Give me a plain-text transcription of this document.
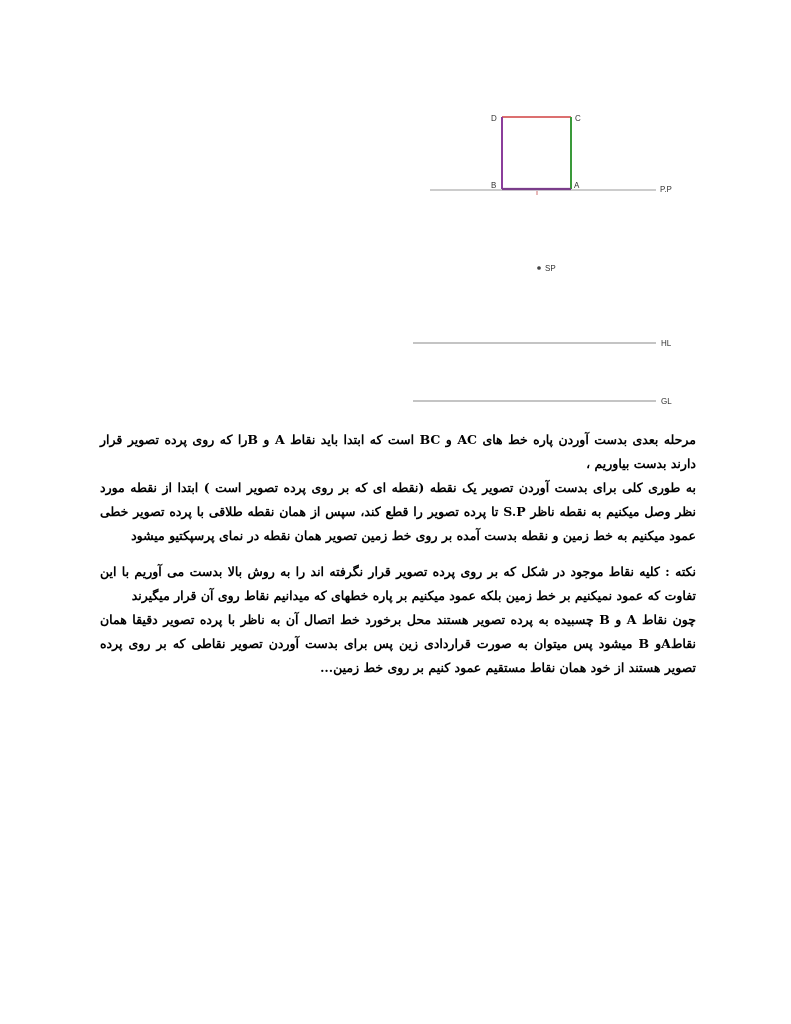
P.P
D	C
B	A
SP
HL
GL

مرحله بعدی بدست آوردن پاره خط های AC و BC است که ابتدا باید نقاط A و Bرا که روی پرده تصویر قرار دارند بدست بیاوریم ،

به طوری کلی برای بدست آوردن تصویر یک نقطه (نقطه ای که بر روی پرده تصویر است ) ابتدا از نقطه مورد نظر وصل میکنیم به نقطه ناظر S.P تا پرده تصویر را قطع کند، سپس از همان نقطه طلاقی با پرده تصویر خطی عمود میکنیم به خط زمین و نقطه بدست آمده بر روی خط زمین تصویر همان نقطه در نمای پرسپکتیو میشود

نکته : کلیه نقاط موجود در شکل که بر روی پرده تصویر قرار نگرفته اند را به روش بالا بدست می آوریم با این تفاوت که عمود نمیکنیم بر خط زمین بلکه عمود میکنیم بر پاره خطهای که میدانیم نقاط روی آن قرار میگیرند

چون نقاط A و B چسبیده به پرده تصویر هستند محل برخورد خط اتصال آن به ناظر با پرده تصویر دقیقا همان نقاطAو B میشود پس میتوان به صورت قراردادی زین پس برای بدست آوردن تصویر نقاطی که بر روی پرده تصویر هستند از خود همان نقاط مستقیم عمود کنیم بر روی خط زمین...
